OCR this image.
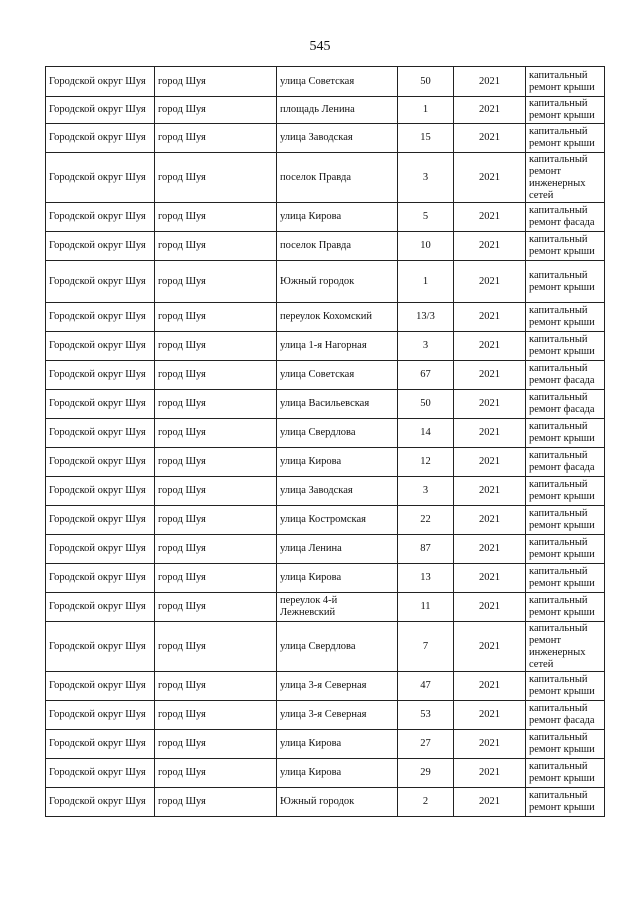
545
Городской округ Шуя	город Шуя	улица Советская	50	2021	капитальный ремонт крыши
Городской округ Шуя	город Шуя	площадь Ленина	1	2021	капитальный ремонт крыши
Городской округ Шуя	город Шуя	улица Заводская	15	2021	капитальный ремонт крыши
Городской округ Шуя	город Шуя	поселок Правда	3	2021	капитальный ремонт инженерных сетей
Городской округ Шуя	город Шуя	улица Кирова	5	2021	капитальный ремонт фасада
Городской округ Шуя	город Шуя	поселок Правда	10	2021	капитальный ремонт крыши
Городской округ Шуя	город Шуя	Южный городок	1	2021	капитальный ремонт крыши
Городской округ Шуя	город Шуя	переулок Кохомский	13/3	2021	капитальный ремонт крыши
Городской округ Шуя	город Шуя	улица 1-я Нагорная	3	2021	капитальный ремонт крыши
Городской округ Шуя	город Шуя	улица Советская	67	2021	капитальный ремонт фасада
Городской округ Шуя	город Шуя	улица Васильевская	50	2021	капитальный ремонт фасада
Городской округ Шуя	город Шуя	улица Свердлова	14	2021	капитальный ремонт крыши
Городской округ Шуя	город Шуя	улица Кирова	12	2021	капитальный ремонт фасада
Городской округ Шуя	город Шуя	улица Заводская	3	2021	капитальный ремонт крыши
Городской округ Шуя	город Шуя	улица Костромская	22	2021	капитальный ремонт крыши
Городской округ Шуя	город Шуя	улица Ленина	87	2021	капитальный ремонт крыши
Городской округ Шуя	город Шуя	улица Кирова	13	2021	капитальный ремонт крыши
Городской округ Шуя	город Шуя	переулок 4-й Лежневский	11	2021	капитальный ремонт крыши
Городской округ Шуя	город Шуя	улица Свердлова	7	2021	капитальный ремонт инженерных сетей
Городской округ Шуя	город Шуя	улица 3-я Северная	47	2021	капитальный ремонт крыши
Городской округ Шуя	город Шуя	улица 3-я Северная	53	2021	капитальный ремонт фасада
Городской округ Шуя	город Шуя	улица Кирова	27	2021	капитальный ремонт крыши
Городской округ Шуя	город Шуя	улица Кирова	29	2021	капитальный ремонт крыши
Городской округ Шуя	город Шуя	Южный городок	2	2021	капитальный ремонт крыши
